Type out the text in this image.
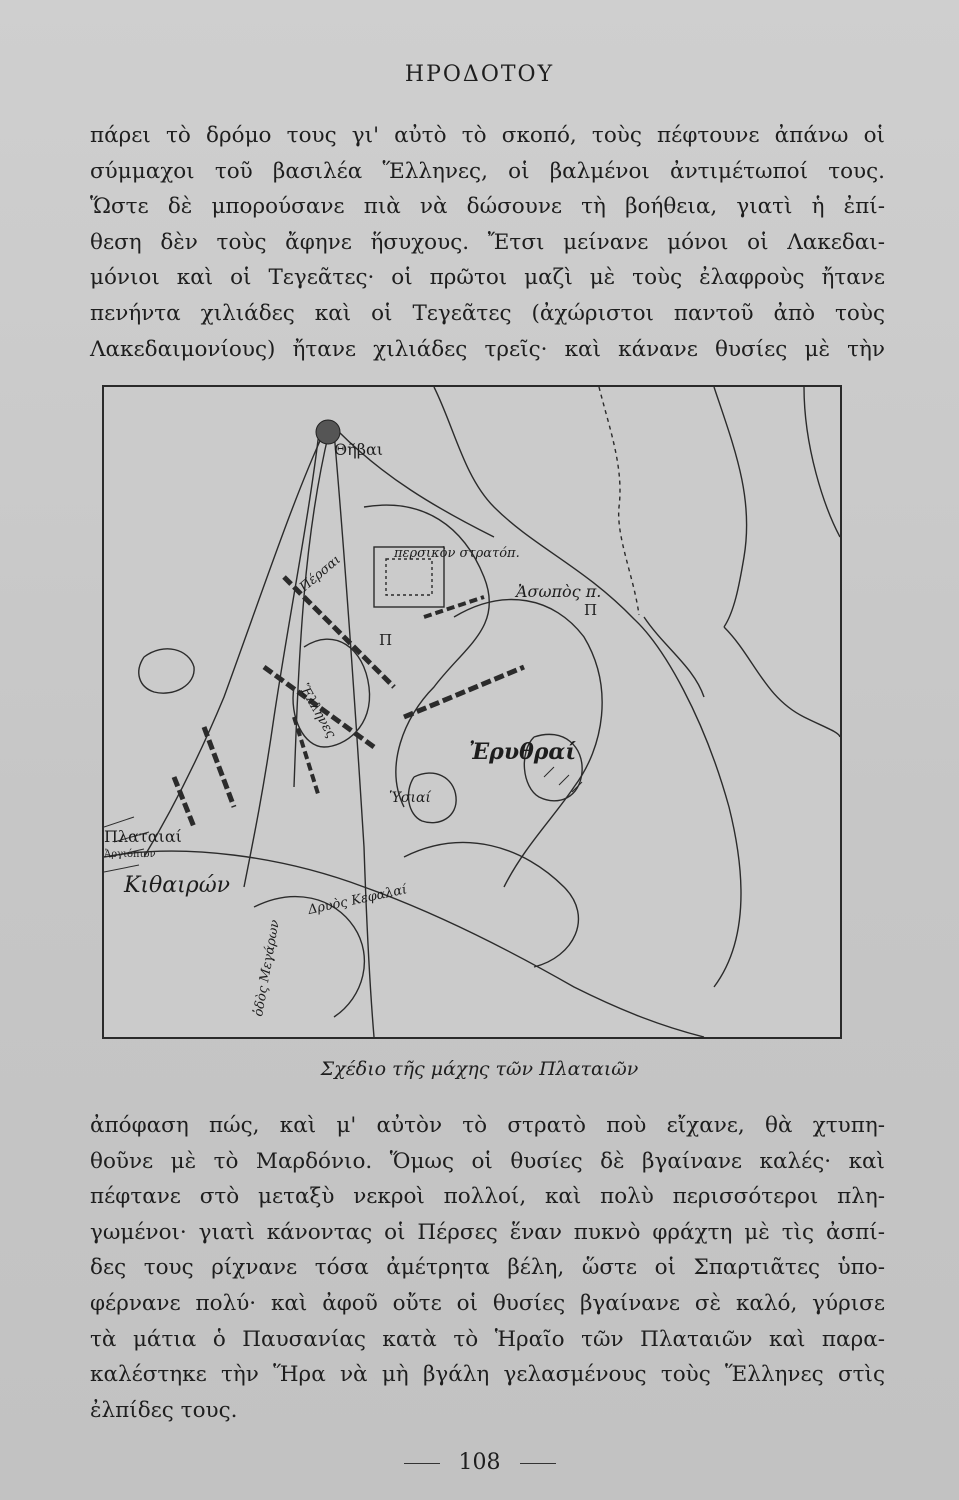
ΗΡΟΔΟΤΟΥ
πάρει τὸ δρόμο τους γι' αὐτὸ τὸ σκοπό, τοὺς πέφτουνε ἀπάνω οἱ
σύμμαχοι τοῦ βασιλέα Ἕλληνες, οἱ βαλμένοι ἀντιμέτωποί τους.
Ὥστε δὲ μπορούσανε πιὰ νὰ δώσουνε τὴ βοήθεια, γιατὶ ἡ ἐπί-
θεση δὲν τοὺς ἄφηνε ἥσυχους. Ἔτσι μείνανε μόνοι οἱ Λακεδαι-
μόνιοι καὶ οἱ Τεγεᾶτες· οἱ πρῶτοι μαζὶ μὲ τοὺς ἐλαφροὺς ἤτανε
πενήντα χιλιάδες καὶ οἱ Τεγεᾶτες (ἀχώριστοι παντοῦ ἀπὸ τοὺς
Λακεδαιμονίους) ἤτανε χιλιάδες τρεῖς· καὶ κάνανε θυσίες μὲ τὴν
Θῆβαι
περσικὸν στρατόπ.
Ἀσωπὸς π.
Πέρσαι
Ἐρυθραί
Ὑσιαί
Πλαταιαί
Ἀργιόπιον
Κιθαιρών	Δρυὸς Κεφαλαί
ὁδὸς Μεγάρων
Ἕλληνες
Π
Π
Σχέδιο τῆς μάχης τῶν Πλαταιῶν
ἀπόφαση πώς, καὶ μ' αὐτὸν τὸ στρατὸ ποὺ εἴχανε, θὰ χτυπη-
θοῦνε μὲ τὸ Μαρδόνιο. Ὅμως οἱ θυσίες δὲ βγαίνανε καλές· καὶ
πέφτανε στὸ μεταξὺ νεκροὶ πολλοί, καὶ πολὺ περισσότεροι πλη-
γωμένοι· γιατὶ κάνοντας οἱ Πέρσες ἕναν πυκνὸ φράχτη μὲ τὶς ἀσπί-
δες τους ρίχνανε τόσα ἀμέτρητα βέλη, ὥστε οἱ Σπαρτιᾶτες ὑπο-
φέρνανε πολύ· καὶ ἀφοῦ οὔτε οἱ θυσίες βγαίνανε σὲ καλό, γύρισε
τὰ μάτια ὁ Παυσανίας κατὰ τὸ Ἡραῖο τῶν Πλαταιῶν καὶ παρα-
καλέστηκε τὴν Ἥρα νὰ μὴ βγάλη γελασμένους τοὺς Ἕλληνες στὶς
ἐλπίδες τους.
108
